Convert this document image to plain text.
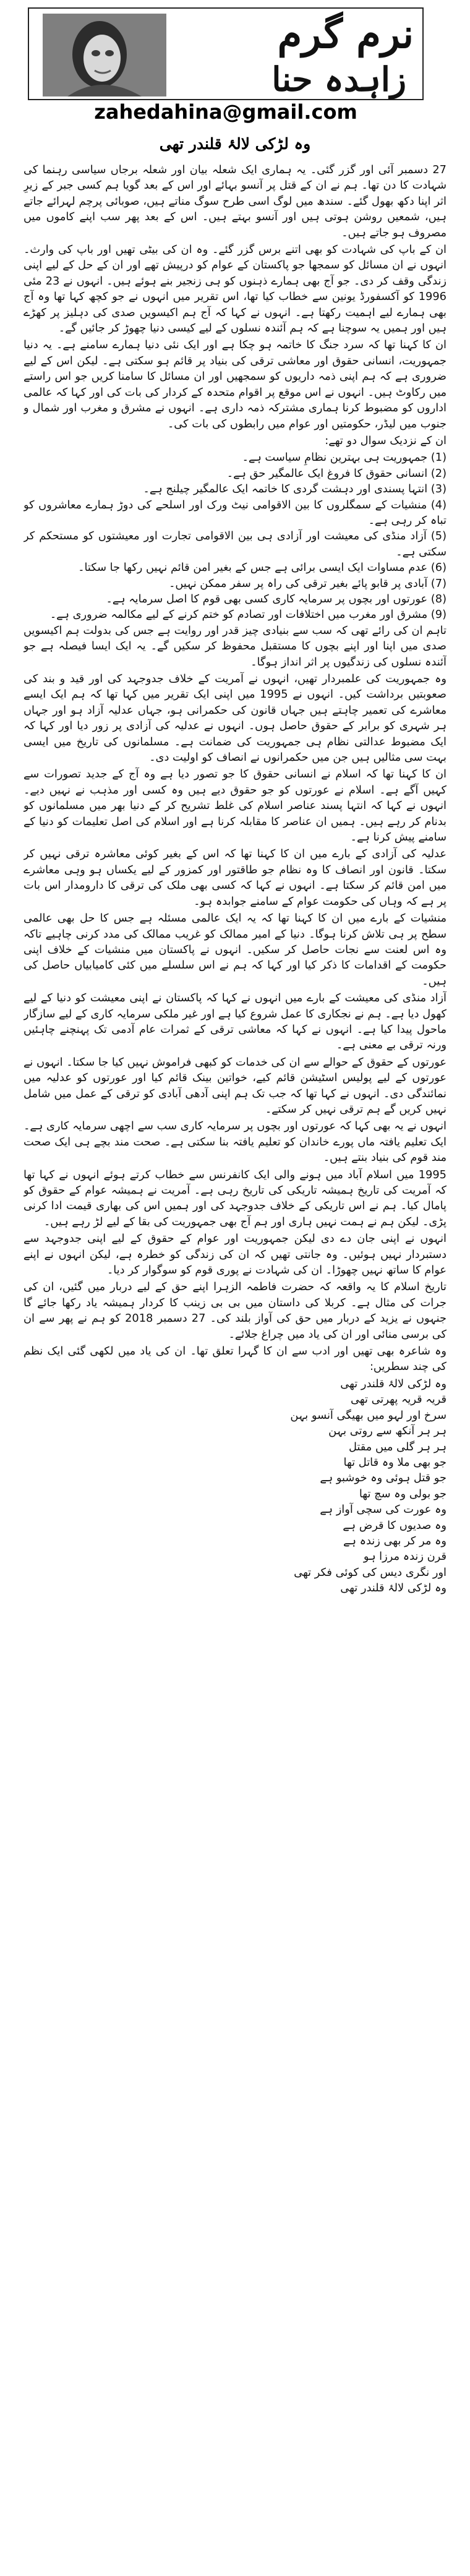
نرم گرم
زاہدہ حنا
zahedahina@gmail.com
وہ لڑکی لالۂ قلندر تھی

27 دسمبر آئی اور گزر گئی۔ یہ ہماری ایک شعلہ بیان اور شعلہ برجاں سیاسی رہنما کی شہادت کا دن تھا۔ ہم نے ان کے قتل پر آنسو بہائے اور اس کے بعد گویا ہم کسی جبر کے زیرِ اثر اپنا دکھ بھول گئے۔ سندھ میں لوگ اسی طرح سوگ مناتے ہیں، صوبائی پرچم لہرائے جاتے ہیں، شمعیں روشن ہوتی ہیں اور آنسو بہتے ہیں۔ اس کے بعد پھر سب اپنے کاموں میں مصروف ہو جاتے ہیں۔

ان کے باپ کی شہادت کو بھی اتنے برس گزر گئے۔ وہ ان کی بیٹی تھیں اور باپ کی وارث۔ انہوں نے ان مسائل کو سمجھا جو پاکستان کے عوام کو درپیش تھے اور ان کے حل کے لیے اپنی زندگی وقف کر دی۔ جو آج بھی ہمارے ذہنوں کو ہی زنجیر بنے ہوئے ہیں۔ انہوں نے 23 مئی 1996 کو آکسفورڈ یونین سے خطاب کیا تھا، اس تقریر میں انہوں نے جو کچھ کہا تھا وہ آج بھی ہمارے لیے اہمیت رکھتا ہے۔ انہوں نے کہا کہ آج ہم اکیسویں صدی کی دہلیز پر کھڑے ہیں اور ہمیں یہ سوچنا ہے کہ ہم آئندہ نسلوں کے لیے کیسی دنیا چھوڑ کر جائیں گے۔

ان کا کہنا تھا کہ سرد جنگ کا خاتمہ ہو چکا ہے اور ایک نئی دنیا ہمارے سامنے ہے۔ یہ دنیا جمہوریت، انسانی حقوق اور معاشی ترقی کی بنیاد پر قائم ہو سکتی ہے۔ لیکن اس کے لیے ضروری ہے کہ ہم اپنی ذمہ داریوں کو سمجھیں اور ان مسائل کا سامنا کریں جو اس راستے میں رکاوٹ ہیں۔ انہوں نے اس موقع پر اقوام متحدہ کے کردار کی بات کی اور کہا کہ عالمی اداروں کو مضبوط کرنا ہماری مشترکہ ذمہ داری ہے۔ انہوں نے مشرق و مغرب اور شمال و جنوب میں لیڈر، حکومتیں اور عوام میں رابطوں کی بات کی۔

ان کے نزدیک سوال دو تھے:

(1) جمہوریت ہی بہترین نظامِ سیاست ہے۔
(2) انسانی حقوق کا فروغ ایک عالمگیر حق ہے۔
(3) انتہا پسندی اور دہشت گردی کا خاتمہ ایک عالمگیر چیلنج ہے۔
(4) منشیات کے سمگلروں کا بین الاقوامی نیٹ ورک اور اسلحے کی دوڑ ہمارے معاشروں کو تباہ کر رہی ہے۔
(5) آزاد منڈی کی معیشت اور آزادی ہی بین الاقوامی تجارت اور معیشتوں کو مستحکم کر سکتی ہے۔
(6) عدم مساوات ایک ایسی برائی ہے جس کے بغیر امن قائم نہیں رکھا جا سکتا۔
(7) آبادی پر قابو پائے بغیر ترقی کی راہ پر سفر ممکن نہیں۔
(8) عورتوں اور بچوں پر سرمایہ کاری کسی بھی قوم کا اصل سرمایہ ہے۔
(9) مشرق اور مغرب میں اختلافات اور تصادم کو ختم کرنے کے لیے مکالمہ ضروری ہے۔

تاہم ان کی رائے تھی کہ سب سے بنیادی چیز قدر اور روایت ہے جس کی بدولت ہم اکیسویں صدی میں اپنا اور اپنے بچوں کا مستقبل محفوظ کر سکیں گے۔ یہ ایک ایسا فیصلہ ہے جو آئندہ نسلوں کی زندگیوں پر اثر انداز ہوگا۔

وہ جمہوریت کی علمبردار تھیں، انہوں نے آمریت کے خلاف جدوجہد کی اور قید و بند کی صعوبتیں برداشت کیں۔ انہوں نے 1995 میں اپنی ایک تقریر میں کہا تھا کہ ہم ایک ایسے معاشرے کی تعمیر چاہتے ہیں جہاں قانون کی حکمرانی ہو، جہاں عدلیہ آزاد ہو اور جہاں ہر شہری کو برابر کے حقوق حاصل ہوں۔ انہوں نے عدلیہ کی آزادی پر زور دیا اور کہا کہ ایک مضبوط عدالتی نظام ہی جمہوریت کی ضمانت ہے۔ مسلمانوں کی تاریخ میں ایسی بہت سی مثالیں ہیں جن میں حکمرانوں نے انصاف کو اولیت دی۔

ان کا کہنا تھا کہ اسلام نے انسانی حقوق کا جو تصور دیا ہے وہ آج کے جدید تصورات سے کہیں آگے ہے۔ اسلام نے عورتوں کو جو حقوق دیے ہیں وہ کسی اور مذہب نے نہیں دیے۔ انہوں نے کہا کہ انتہا پسند عناصر اسلام کی غلط تشریح کر کے دنیا بھر میں مسلمانوں کو بدنام کر رہے ہیں۔ ہمیں ان عناصر کا مقابلہ کرنا ہے اور اسلام کی اصل تعلیمات کو دنیا کے سامنے پیش کرنا ہے۔

عدلیہ کی آزادی کے بارے میں ان کا کہنا تھا کہ اس کے بغیر کوئی معاشرہ ترقی نہیں کر سکتا۔ قانون اور انصاف کا وہ نظام جو طاقتور اور کمزور کے لیے یکساں ہو وہی معاشرے میں امن قائم کر سکتا ہے۔ انہوں نے کہا کہ کسی بھی ملک کی ترقی کا دارومدار اس بات پر ہے کہ وہاں کی حکومت عوام کے سامنے جوابدہ ہو۔

منشیات کے بارے میں ان کا کہنا تھا کہ یہ ایک عالمی مسئلہ ہے جس کا حل بھی عالمی سطح پر ہی تلاش کرنا ہوگا۔ دنیا کے امیر ممالک کو غریب ممالک کی مدد کرنی چاہیے تاکہ وہ اس لعنت سے نجات حاصل کر سکیں۔ انہوں نے پاکستان میں منشیات کے خلاف اپنی حکومت کے اقدامات کا ذکر کیا اور کہا کہ ہم نے اس سلسلے میں کئی کامیابیاں حاصل کی ہیں۔

آزاد منڈی کی معیشت کے بارے میں انہوں نے کہا کہ پاکستان نے اپنی معیشت کو دنیا کے لیے کھول دیا ہے۔ ہم نے نجکاری کا عمل شروع کیا ہے اور غیر ملکی سرمایہ کاری کے لیے سازگار ماحول پیدا کیا ہے۔ انہوں نے کہا کہ معاشی ترقی کے ثمرات عام آدمی تک پہنچنے چاہئیں ورنہ ترقی بے معنی ہے۔

عورتوں کے حقوق کے حوالے سے ان کی خدمات کو کبھی فراموش نہیں کیا جا سکتا۔ انہوں نے عورتوں کے لیے پولیس اسٹیشن قائم کیے، خواتین بینک قائم کیا اور عورتوں کو عدلیہ میں نمائندگی دی۔ انہوں نے کہا تھا کہ جب تک ہم اپنی آدھی آبادی کو ترقی کے عمل میں شامل نہیں کریں گے ہم ترقی نہیں کر سکتے۔

انہوں نے یہ بھی کہا کہ عورتوں اور بچوں پر سرمایہ کاری سب سے اچھی سرمایہ کاری ہے۔ ایک تعلیم یافتہ ماں پورے خاندان کو تعلیم یافتہ بنا سکتی ہے۔ صحت مند بچے ہی ایک صحت مند قوم کی بنیاد بنتے ہیں۔

1995 میں اسلام آباد میں ہونے والی ایک کانفرنس سے خطاب کرتے ہوئے انہوں نے کہا تھا کہ آمریت کی تاریخ ہمیشہ تاریکی کی تاریخ رہی ہے۔ آمریت نے ہمیشہ عوام کے حقوق کو پامال کیا۔ ہم نے اس تاریکی کے خلاف جدوجہد کی اور ہمیں اس کی بھاری قیمت ادا کرنی پڑی۔ لیکن ہم نے ہمت نہیں ہاری اور ہم آج بھی جمہوریت کی بقا کے لیے لڑ رہے ہیں۔

انہوں نے اپنی جان دے دی لیکن جمہوریت اور عوام کے حقوق کے لیے اپنی جدوجہد سے دستبردار نہیں ہوئیں۔ وہ جانتی تھیں کہ ان کی زندگی کو خطرہ ہے، لیکن انہوں نے اپنے عوام کا ساتھ نہیں چھوڑا۔ ان کی شہادت نے پوری قوم کو سوگوار کر دیا۔

تاریخ اسلام کا یہ واقعہ کہ حضرت فاطمہ الزہرا اپنے حق کے لیے دربار میں گئیں، ان کی جرات کی مثال ہے۔ کربلا کی داستان میں بی بی زینب کا کردار ہمیشہ یاد رکھا جائے گا جنہوں نے یزید کے دربار میں حق کی آواز بلند کی۔ 27 دسمبر 2018 کو ہم نے پھر سے ان کی برسی منائی اور ان کی یاد میں چراغ جلائے۔

وہ شاعرہ بھی تھیں اور ادب سے ان کا گہرا تعلق تھا۔ ان کی یاد میں لکھی گئی ایک نظم کی چند سطریں:

وہ لڑکی لالۂ قلندر تھی
قریہ قریہ پھرتی تھی
سرخ اور لہو میں بھیگی آنسو بہن
ہر ہر آنکھ سے روتی بہن
ہر ہر گلی میں مقتل
جو بھی ملا وہ قاتل تھا
جو قتل ہوئی وہ خوشبو ہے
جو بولی وہ سچ تھا
وہ عورت کی سچی آواز ہے
وہ صدیوں کا قرض ہے
وہ مر کر بھی زندہ ہے
قرن زندہ مرزا ہو
اور نگری دیس کی کوئی فکر تھی
وہ لڑکی لالۂ قلندر تھی
